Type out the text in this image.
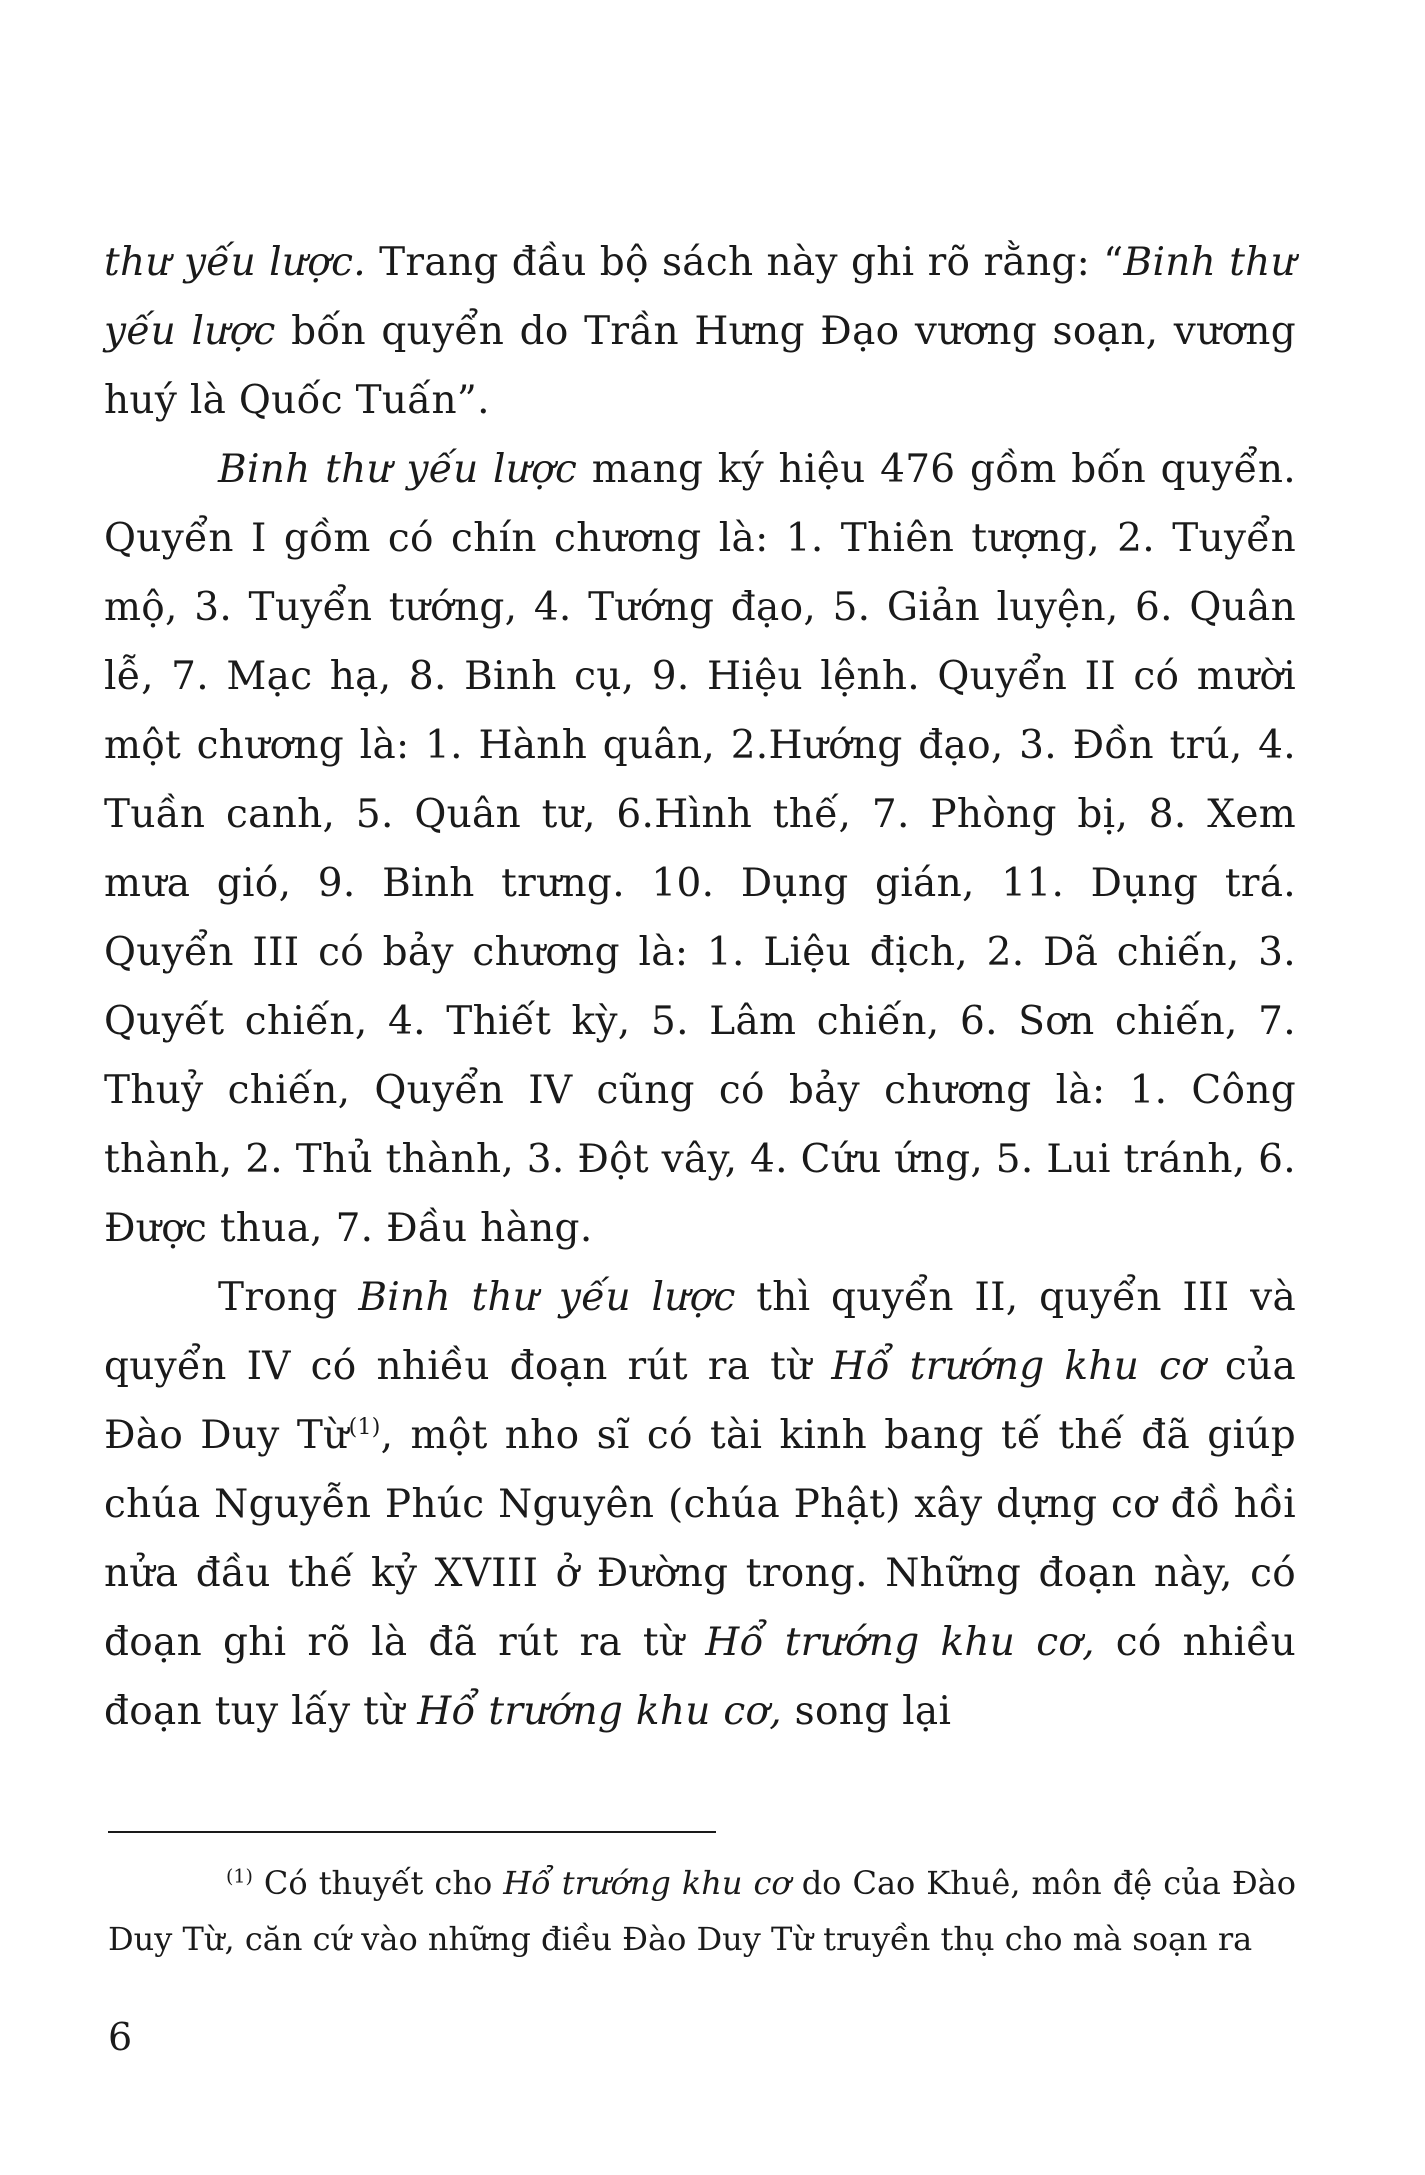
thư yếu lược. Trang đầu bộ sách này ghi rõ rằng: “Binh thư yếu lược bốn quyển do Trần Hưng Đạo vương soạn, vương huý là Quốc Tuấn”.

Binh thư yếu lược mang ký hiệu 476 gồm bốn quyển. Quyển I gồm có chín chương là: 1. Thiên tượng, 2. Tuyển mộ, 3. Tuyển tướng, 4. Tướng đạo, 5. Giản luyện, 6. Quân lễ, 7. Mạc hạ, 8. Binh cụ, 9. Hiệu lệnh. Quyển II có mười một chương là: 1. Hành quân, 2.Hướng đạo, 3. Đồn trú, 4. Tuần canh, 5. Quân tư, 6.Hình thế, 7. Phòng bị, 8. Xem mưa gió, 9. Binh trưng. 10. Dụng gián, 11. Dụng trá. Quyển III có bảy chương là: 1. Liệu địch, 2. Dã chiến, 3. Quyết chiến, 4. Thiết kỳ, 5. Lâm chiến, 6. Sơn chiến, 7. Thuỷ chiến, Quyển IV cũng có bảy chương là: 1. Công thành, 2. Thủ thành, 3. Đột vây, 4. Cứu ứng, 5. Lui tránh, 6. Được thua, 7. Đầu hàng.

Trong Binh thư yếu lược thì quyển II, quyển III và quyển IV có nhiều đoạn rút ra từ Hổ trướng khu cơ của Đào Duy Từ$^{(1)}$, một nho sĩ có tài kinh bang tế thế đã giúp chúa Nguyễn Phúc Nguyên (chúa Phật) xây dựng cơ đồ hồi nửa đầu thế kỷ XVIII ở Đường trong. Những đoạn này, có đoạn ghi rõ là đã rút ra từ Hổ trướng khu cơ, có nhiều đoạn tuy lấy từ Hổ trướng khu cơ, song lại

$^{(1)}$ Có thuyết cho Hổ trướng khu cơ do Cao Khuê, môn đệ của Đào Duy Từ, căn cứ vào những điều Đào Duy Từ truyền thụ cho mà soạn ra

6
